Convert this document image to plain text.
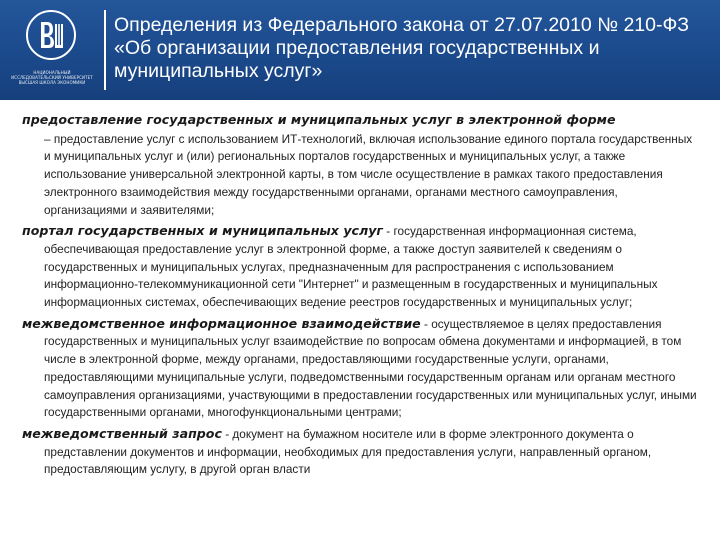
НАЦИОНАЛЬНЫЙ ИССЛЕДОВАТЕЛЬСКИЙ УНИВЕРСИТЕТ ВЫСШАЯ ШКОЛА ЭКОНОМИКИ
Определения из Федерального закона от 27.07.2010 № 210-ФЗ
«Об организации предоставления государственных и
муниципальных услуг»

предоставление государственных и муниципальных услуг в электронной форме
– предоставление услуг с использованием ИТ-технологий, включая использование единого портала государственных и муниципальных услуг и (или) региональных порталов государственных и муниципальных услуг, а также использование универсальной электронной карты, в том числе осуществление в рамках такого предоставления электронного взаимодействия между государственными органами, органами местного самоуправления, организациями и заявителями;

портал государственных и муниципальных услуг - государственная информационная система, обеспечивающая предоставление услуг в электронной форме, а также доступ заявителей к сведениям о государственных и муниципальных услугах, предназначенным для распространения с использованием информационно-телекоммуникационной сети "Интернет" и размещенным в государственных и муниципальных информационных системах, обеспечивающих ведение реестров государственных и муниципальных услуг;

межведомственное информационное взаимодействие - осуществляемое в целях предоставления государственных и муниципальных услуг взаимодействие по вопросам обмена документами и информацией, в том числе в электронной форме, между органами, предоставляющими государственные услуги, органами, предоставляющими муниципальные услуги, подведомственными государственным органам или органам местного самоуправления организациями, участвующими в предоставлении государственных или муниципальных услуг, иными государственными органами, многофункциональными центрами;

межведомственный запрос - документ на бумажном носителе или в форме электронного документа о представлении документов и информации, необходимых для предоставления услуги, направленный органом, предоставляющим услугу, в другой орган власти
